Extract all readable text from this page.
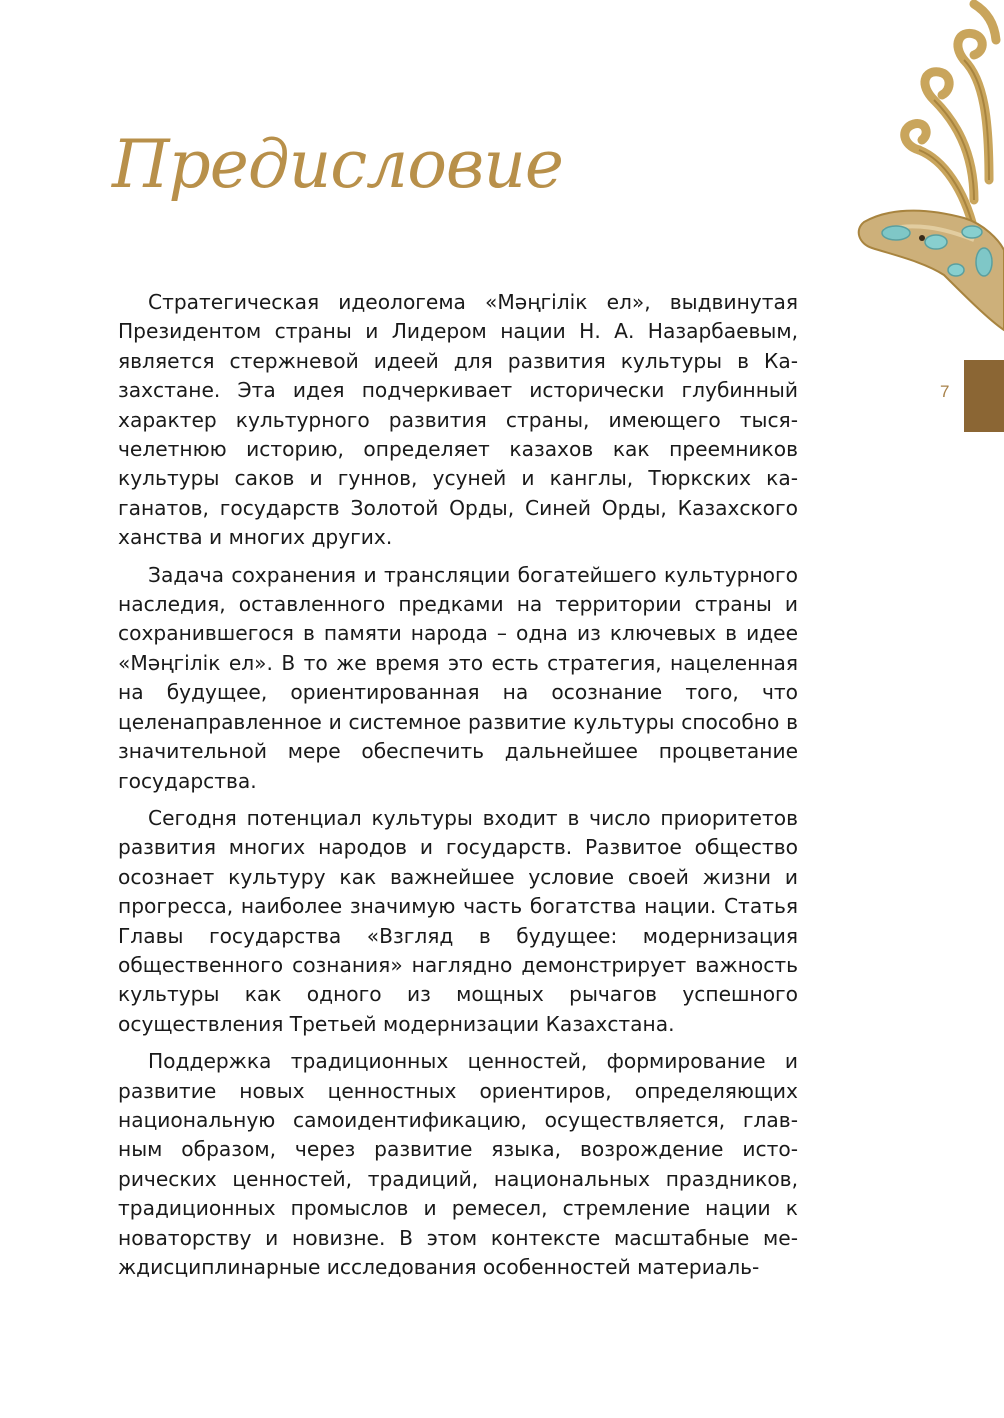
Предисловие
7

Стратегическая идеологема «Мәңгілік ел», выдвинутая Президентом страны и Лидером нации Н. А. Назарбаевым, является стержневой идеей для развития культуры в Казахстане. Эта идея подчеркивает исторически глубинный характер культурного развития страны, имеющего тысячелетнюю историю, определяет казахов как преемников культуры саков и гуннов, усуней и канглы, Тюркских каганатов, государств Золотой Орды, Синей Орды, Казахского ханства и многих других.

Задача сохранения и трансляции богатейшего культурного наследия, оставленного предками на территории страны и сохранившегося в памяти народа – одна из ключевых в идее «Мәңгілік ел». В то же время это есть стратегия, нацеленная на будущее, ориентированная на осознание того, что целенаправленное и системное развитие культуры способно в значительной мере обеспечить дальнейшее процветание государства.

Сегодня потенциал культуры входит в число приоритетов развития многих народов и государств. Развитое общество осознает культуру как важнейшее условие своей жизни и прогресса, наиболее значимую часть богатства нации. Статья Главы государства «Взгляд в будущее: модернизация общественного сознания» наглядно демонстрирует важность культуры как одного из мощных рычагов успешного осуществления Третьей модернизации Казахстана.

Поддержка традиционных ценностей, формирование и развитие новых ценностных ориентиров, определяющих национальную самоидентификацию, осуществляется, главным образом, через развитие языка, возрождение исторических ценностей, традиций, национальных праздников, традиционных промыслов и ремесел, стремление нации к новаторству и новизне. В этом контексте масштабные междисциплинарные исследования особенностей материаль-
